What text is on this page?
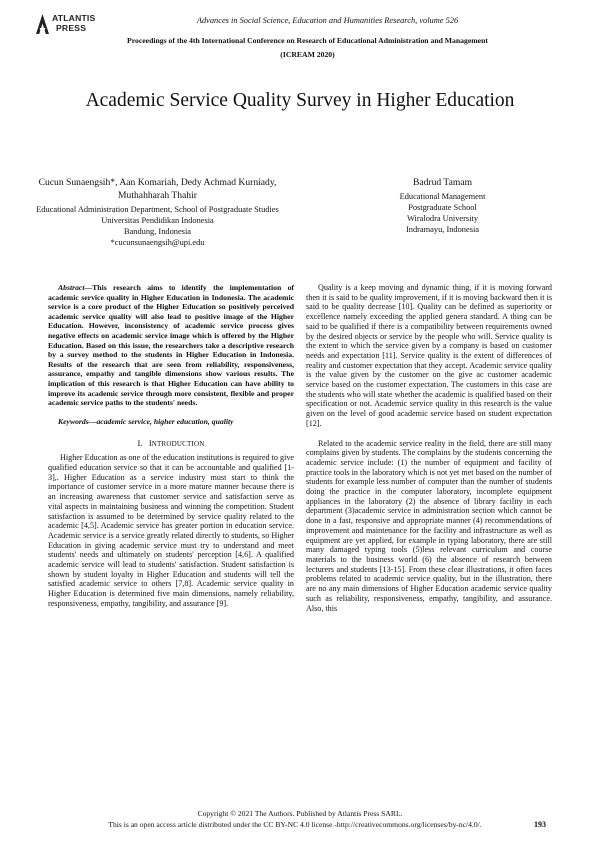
ATLANTIS
PRESS
Advances in Social Science, Education and Humanities Research, volume 526
Proceedings of the 4th International Conference on Research of Educational Administration and Management (ICREAM 2020)
Academic Service Quality Survey in Higher Education
Cucun Sunaengsih*, Aan Komariah, Dedy Achmad Kurniady, Muthahharah Thahir
Educational Administration Department, School of Postgraduate Studies
Universitas Pendidikan Indonesia
Bandung, Indonesia
*cucunsunaengsih@upi.edu
Badrud Tamam
Educational Management
Postgraduate School
Wiralodra University
Indramayu, Indonesia

Abstract—This research aims to identify the implementation of academic service quality in Higher Education in Indonesia. The academic service is a core product of the Higher Education so positively perceived academic service quality will also lead to positive image of the Higher Education. However, inconsistency of academic service process gives negative effects on academic service image which is offered by the Higher Education. Based on this issue, the researchers take a descriptive research by a survey method to the students in Higher Education in Indonesia. Results of the research that are seen from reliability, responsiveness, assurance, empathy and tangible dimensions show various results. The implication of this research is that Higher Education can have ability to improve its academic service through more consistent, flexible and proper academic service paths to the students' needs.

Keywords—academic service, higher education, quality

I. INTRODUCTION

Higher Education as one of the education institutions is required to give qualified education service so that it can be accountable and qualified [1-3],. Higher Education as a service industry must start to think the importance of customer service in a more mature manner because there is an increasing awareness that customer service and satisfaction serve as vital aspects in maintaining business and winning the competition. Student satisfaction is assumed to be determined by service quality related to the academic [4,5]. Academic service has greater portion in education service. Academic service is a service greatly related directly to students, so Higher Education in giving academic service must try to understand and meet students' needs and ultimately on students' perception [4,6]. A qualified academic service will lead to students' satisfaction. Student satisfaction is shown by student loyalty in Higher Education and students will tell the satisfied academic service to others [7,8]. Academic service quality in Higher Education is determined five main dimensions, namely reliability, responsiveness, empathy, tangibility, and assurance [9].

Quality is a keep moving and dynamic thing, if it is moving forward then it is said to be quality improvement, if it is moving backward then it is said to be quality decrease [10]. Quality can be defined as superiority or excellence namely exceeding the applied genera standard. A thing can be said to be qualified if there is a compatibility between requirements owned by the desired objects or service by the people who will. Service quality is the extent to which the service given by a company is based on customer needs and expectation [11]. Service quality is the extent of differences of reality and customer expectation that they accept. Academic service quality is the value given by the customer on the give ac customer academic service based on the customer expectation. The customers in this case are the students who will state whether the academic is qualified based on their specification or not. Academic service quality in this research is the value given on the level of good academic service based on student expectation [12].

Related to the academic service reality in the field, there are still many complains given by students. The complains by the students concerning the academic service include: (1) the number of equipment and facility of practice tools in the laboratory which is not yet met based on the number of students for example less number of computer than the number of students doing the practice in the computer laboratory, incomplete equipment appliances in the laboratory (2) the absence of library facility in each department (3)academic service in administration section which cannot be done in a fast, responsive and appropriate manner (4) recommendations of improvement and maintenance for the facility and infrastructure as well as equipment are yet applied, for example in typing laboratory, there are still many damaged typing tools (5)less relevant curriculum and course materials to the business world (6) the absence of research between lecturers and students [13-15]. From these clear illustrations, it often faces problems related to academic service quality, but in the illustration, there are no any main dimensions of Higher Education academic service quality such as reliability, responsiveness, empathy, tangibility, and assurance. Also, this

Copyright © 2021 The Authors. Published by Atlantis Press SARL.
This is an open access article distributed under the CC BY-NC 4.0 license -http://creativecommons.org/licenses/by-nc/4.0/.	193
